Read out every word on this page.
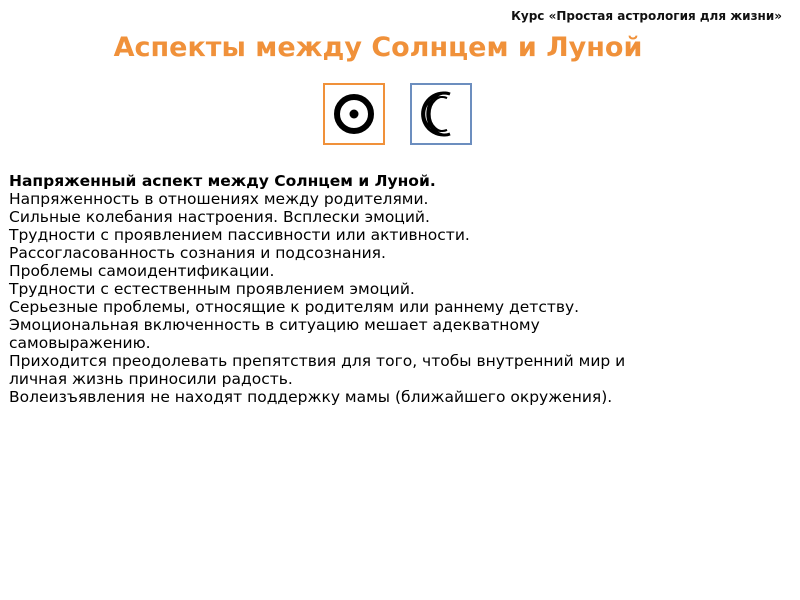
Курс «Простая астрология для жизни»
Аспекты между Солнцем и Луной
Напряженный аспект между Солнцем и Луной.
Напряженность в отношениях между родителями.
Сильные колебания настроения. Всплески эмоций.
Трудности с проявлением пассивности или активности.
Рассогласованность сознания и подсознания.
Проблемы самоидентификации.
Трудности с естественным проявлением эмоций.
Серьезные проблемы, относящие к родителям или раннему детству.
Эмоциональная включенность в ситуацию мешает адекватному
самовыражению.
Приходится преодолевать препятствия для того, чтобы внутренний мир и
личная жизнь приносили радость.
Волеизъявления не находят поддержку мамы (ближайшего окружения).
